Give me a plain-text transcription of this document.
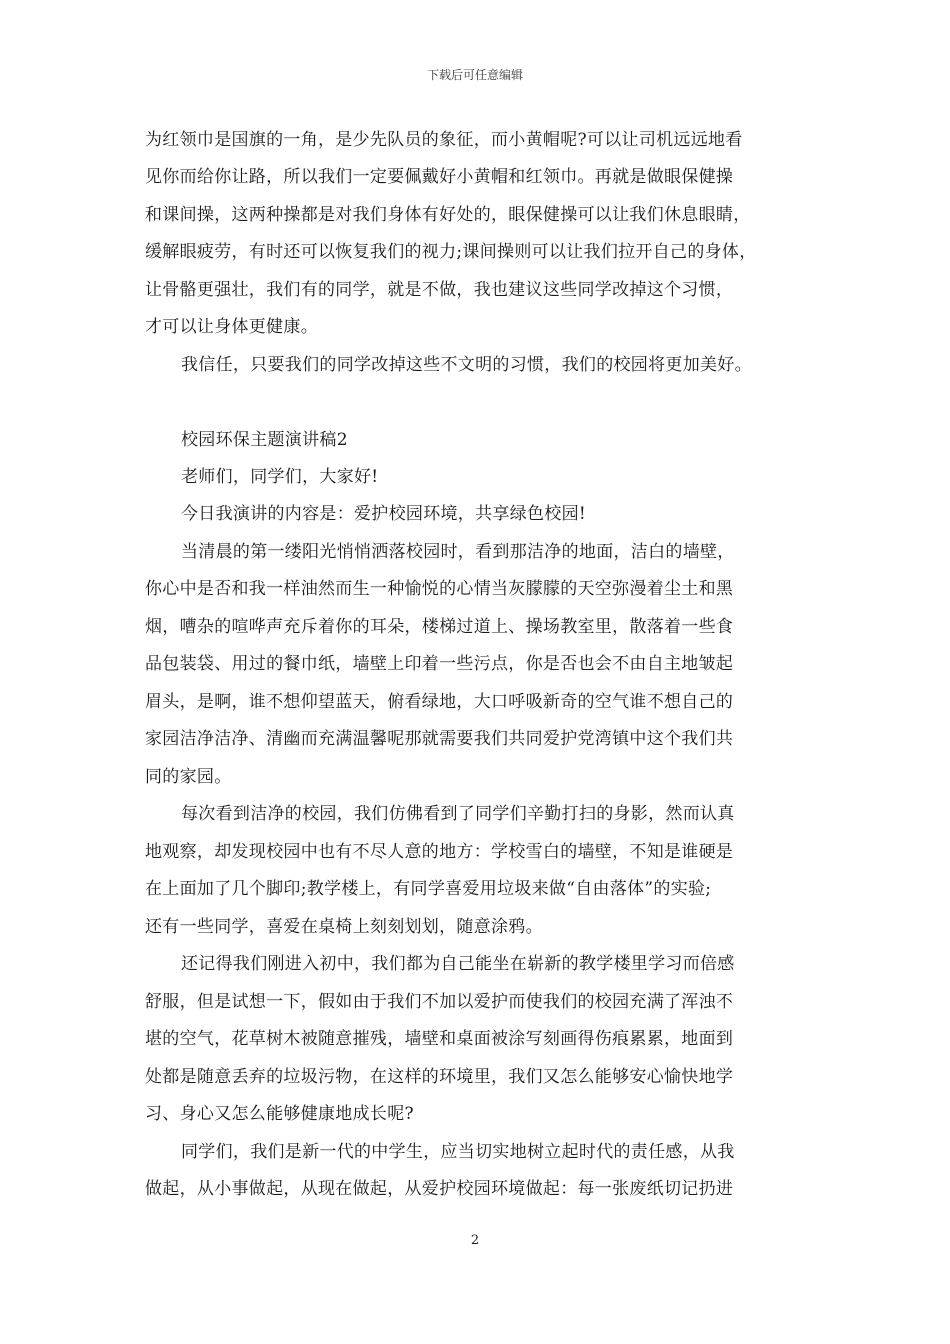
下载后可任意编辑
为红领巾是国旗的一角，是少先队员的象征，而小黄帽呢?可以让司机远远地看
见你而给你让路，所以我们一定要佩戴好小黄帽和红领巾。再就是做眼保健操
和课间操，这两种操都是对我们身体有好处的，眼保健操可以让我们休息眼睛，
缓解眼疲劳，有时还可以恢复我们的视力;课间操则可以让我们拉开自己的身体，
让骨骼更强壮，我们有的同学，就是不做，我也建议这些同学改掉这个习惯，
才可以让身体更健康。
我信任，只要我们的同学改掉这些不文明的习惯，我们的校园将更加美好。
校园环保主题演讲稿2
老师们，同学们，大家好!
今日我演讲的内容是：爱护校园环境，共享绿色校园!
当清晨的第一缕阳光悄悄洒落校园时，看到那洁净的地面，洁白的墙壁，
你心中是否和我一样油然而生一种愉悦的心情当灰朦朦的天空弥漫着尘土和黑
烟，嘈杂的喧哗声充斥着你的耳朵，楼梯过道上、操场教室里，散落着一些食
品包装袋、用过的餐巾纸，墙壁上印着一些污点，你是否也会不由自主地皱起
眉头，是啊，谁不想仰望蓝天，俯看绿地，大口呼吸新奇的空气谁不想自己的
家园洁净洁净、清幽而充满温馨呢那就需要我们共同爱护党湾镇中这个我们共
同的家园。
每次看到洁净的校园，我们仿佛看到了同学们辛勤打扫的身影，然而认真
地观察，却发现校园中也有不尽人意的地方：学校雪白的墙壁，不知是谁硬是
在上面加了几个脚印;教学楼上，有同学喜爱用垃圾来做“自由落体”的实验;
还有一些同学，喜爱在桌椅上刻刻划划，随意涂鸦。
还记得我们刚进入初中，我们都为自己能坐在崭新的教学楼里学习而倍感
舒服，但是试想一下，假如由于我们不加以爱护而使我们的校园充满了浑浊不
堪的空气，花草树木被随意摧残，墙壁和桌面被涂写刻画得伤痕累累，地面到
处都是随意丢弃的垃圾污物，在这样的环境里，我们又怎么能够安心愉快地学
习、身心又怎么能够健康地成长呢?
同学们，我们是新一代的中学生，应当切实地树立起时代的责任感，从我
做起，从小事做起，从现在做起，从爱护校园环境做起：每一张废纸切记扔进
2
